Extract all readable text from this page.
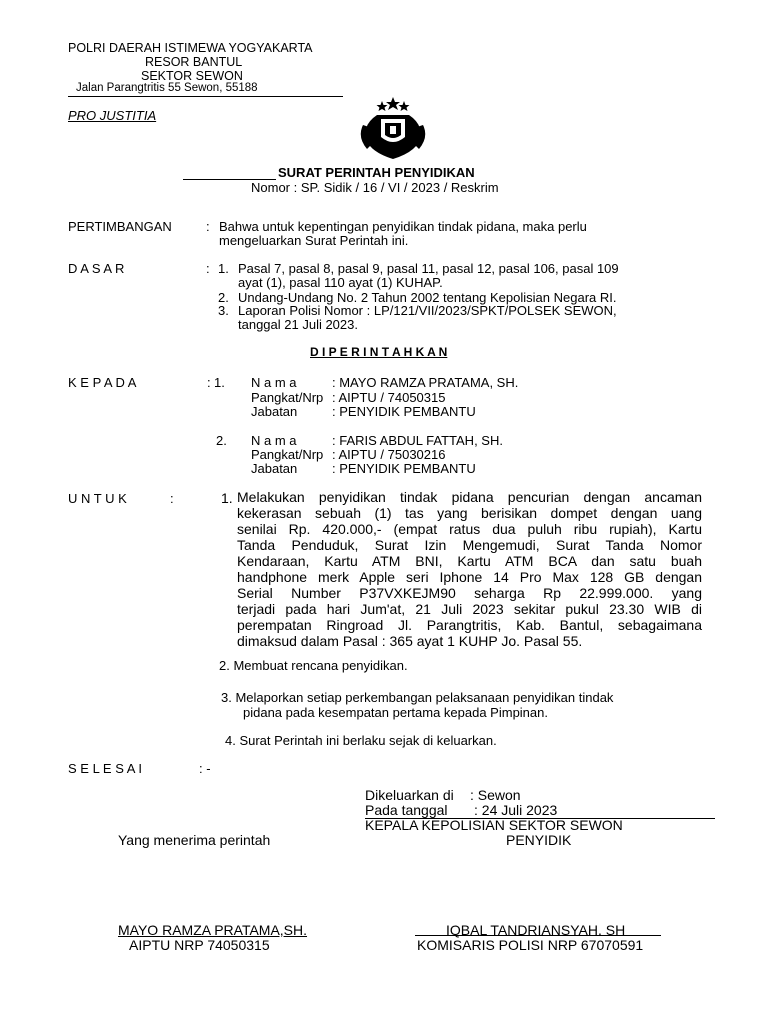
POLRI DAERAH ISTIMEWA YOGYAKARTA
RESOR BANTUL
SEKTOR SEWON
Jalan Parangtritis 55 Sewon, 55188
PRO JUSTITIA
SURAT PERINTAH PENYIDIKAN
Nomor : SP. Sidik / 16 / VI / 2023 / Reskrim
PERTIMBANGAN	: Bahwa untuk kepentingan penyidikan tindak pidana, maka perlu
mengeluarkan Surat Perintah ini.
D A S A R	: 1. Pasal 7, pasal 8, pasal 9, pasal 11, pasal 12, pasal 106, pasal 109
ayat (1), pasal 110 ayat (1) KUHAP.
2. Undang-Undang No. 2 Tahun 2002 tentang Kepolisian Negara RI.
3. Laporan Polisi Nomor : LP/121/VII/2023/SPKT/POLSEK SEWON,
tanggal 21 Juli 2023.
D I P E R I N T A H K A N
K E P A D A	: 1. N a m a	: MAYO RAMZA PRATAMA, SH.
Pangkat/Nrp : AIPTU / 74050315
Jabatan	: PENYIDIK PEMBANTU
2. N a m a	: FARIS ABDUL FATTAH, SH.
Pangkat/Nrp : AIPTU / 75030216
Jabatan	: PENYIDIK PEMBANTU
U N T U K	:	1. Melakukan penyidikan tindak pidana pencurian dengan ancaman
kekerasan sebuah (1) tas yang berisikan dompet dengan uang
senilai Rp. 420.000,- (empat ratus dua puluh ribu rupiah), Kartu
Tanda Penduduk, Surat Izin Mengemudi, Surat Tanda Nomor
Kendaraan, Kartu ATM BNI, Kartu ATM BCA dan satu buah
handphone merk Apple seri Iphone 14 Pro Max 128 GB dengan
Serial Number P37VXKEJM90 seharga Rp 22.999.000. yang
terjadi pada hari Jum'at, 21 Juli 2023 sekitar pukul 23.30 WIB di
perempatan Ringroad Jl. Parangtritis, Kab. Bantul, sebagaimana
dimaksud dalam Pasal : 365 ayat 1 KUHP Jo. Pasal 55.
2. Membuat rencana penyidikan.
3. Melaporkan setiap perkembangan pelaksanaan penyidikan tindak
pidana pada kesempatan pertama kepada Pimpinan.
4. Surat Perintah ini berlaku sejak di keluarkan.
S E L E S A I	: -
Dikeluarkan di : Sewon
Pada tanggal : 24 Juli 2023
KEPALA KEPOLISIAN SEKTOR SEWON
PENYIDIK
Yang menerima perintah
MAYO RAMZA PRATAMA,SH.
AIPTU NRP 74050315
IQBAL TANDRIANSYAH. SH
KOMISARIS POLISI NRP 67070591
